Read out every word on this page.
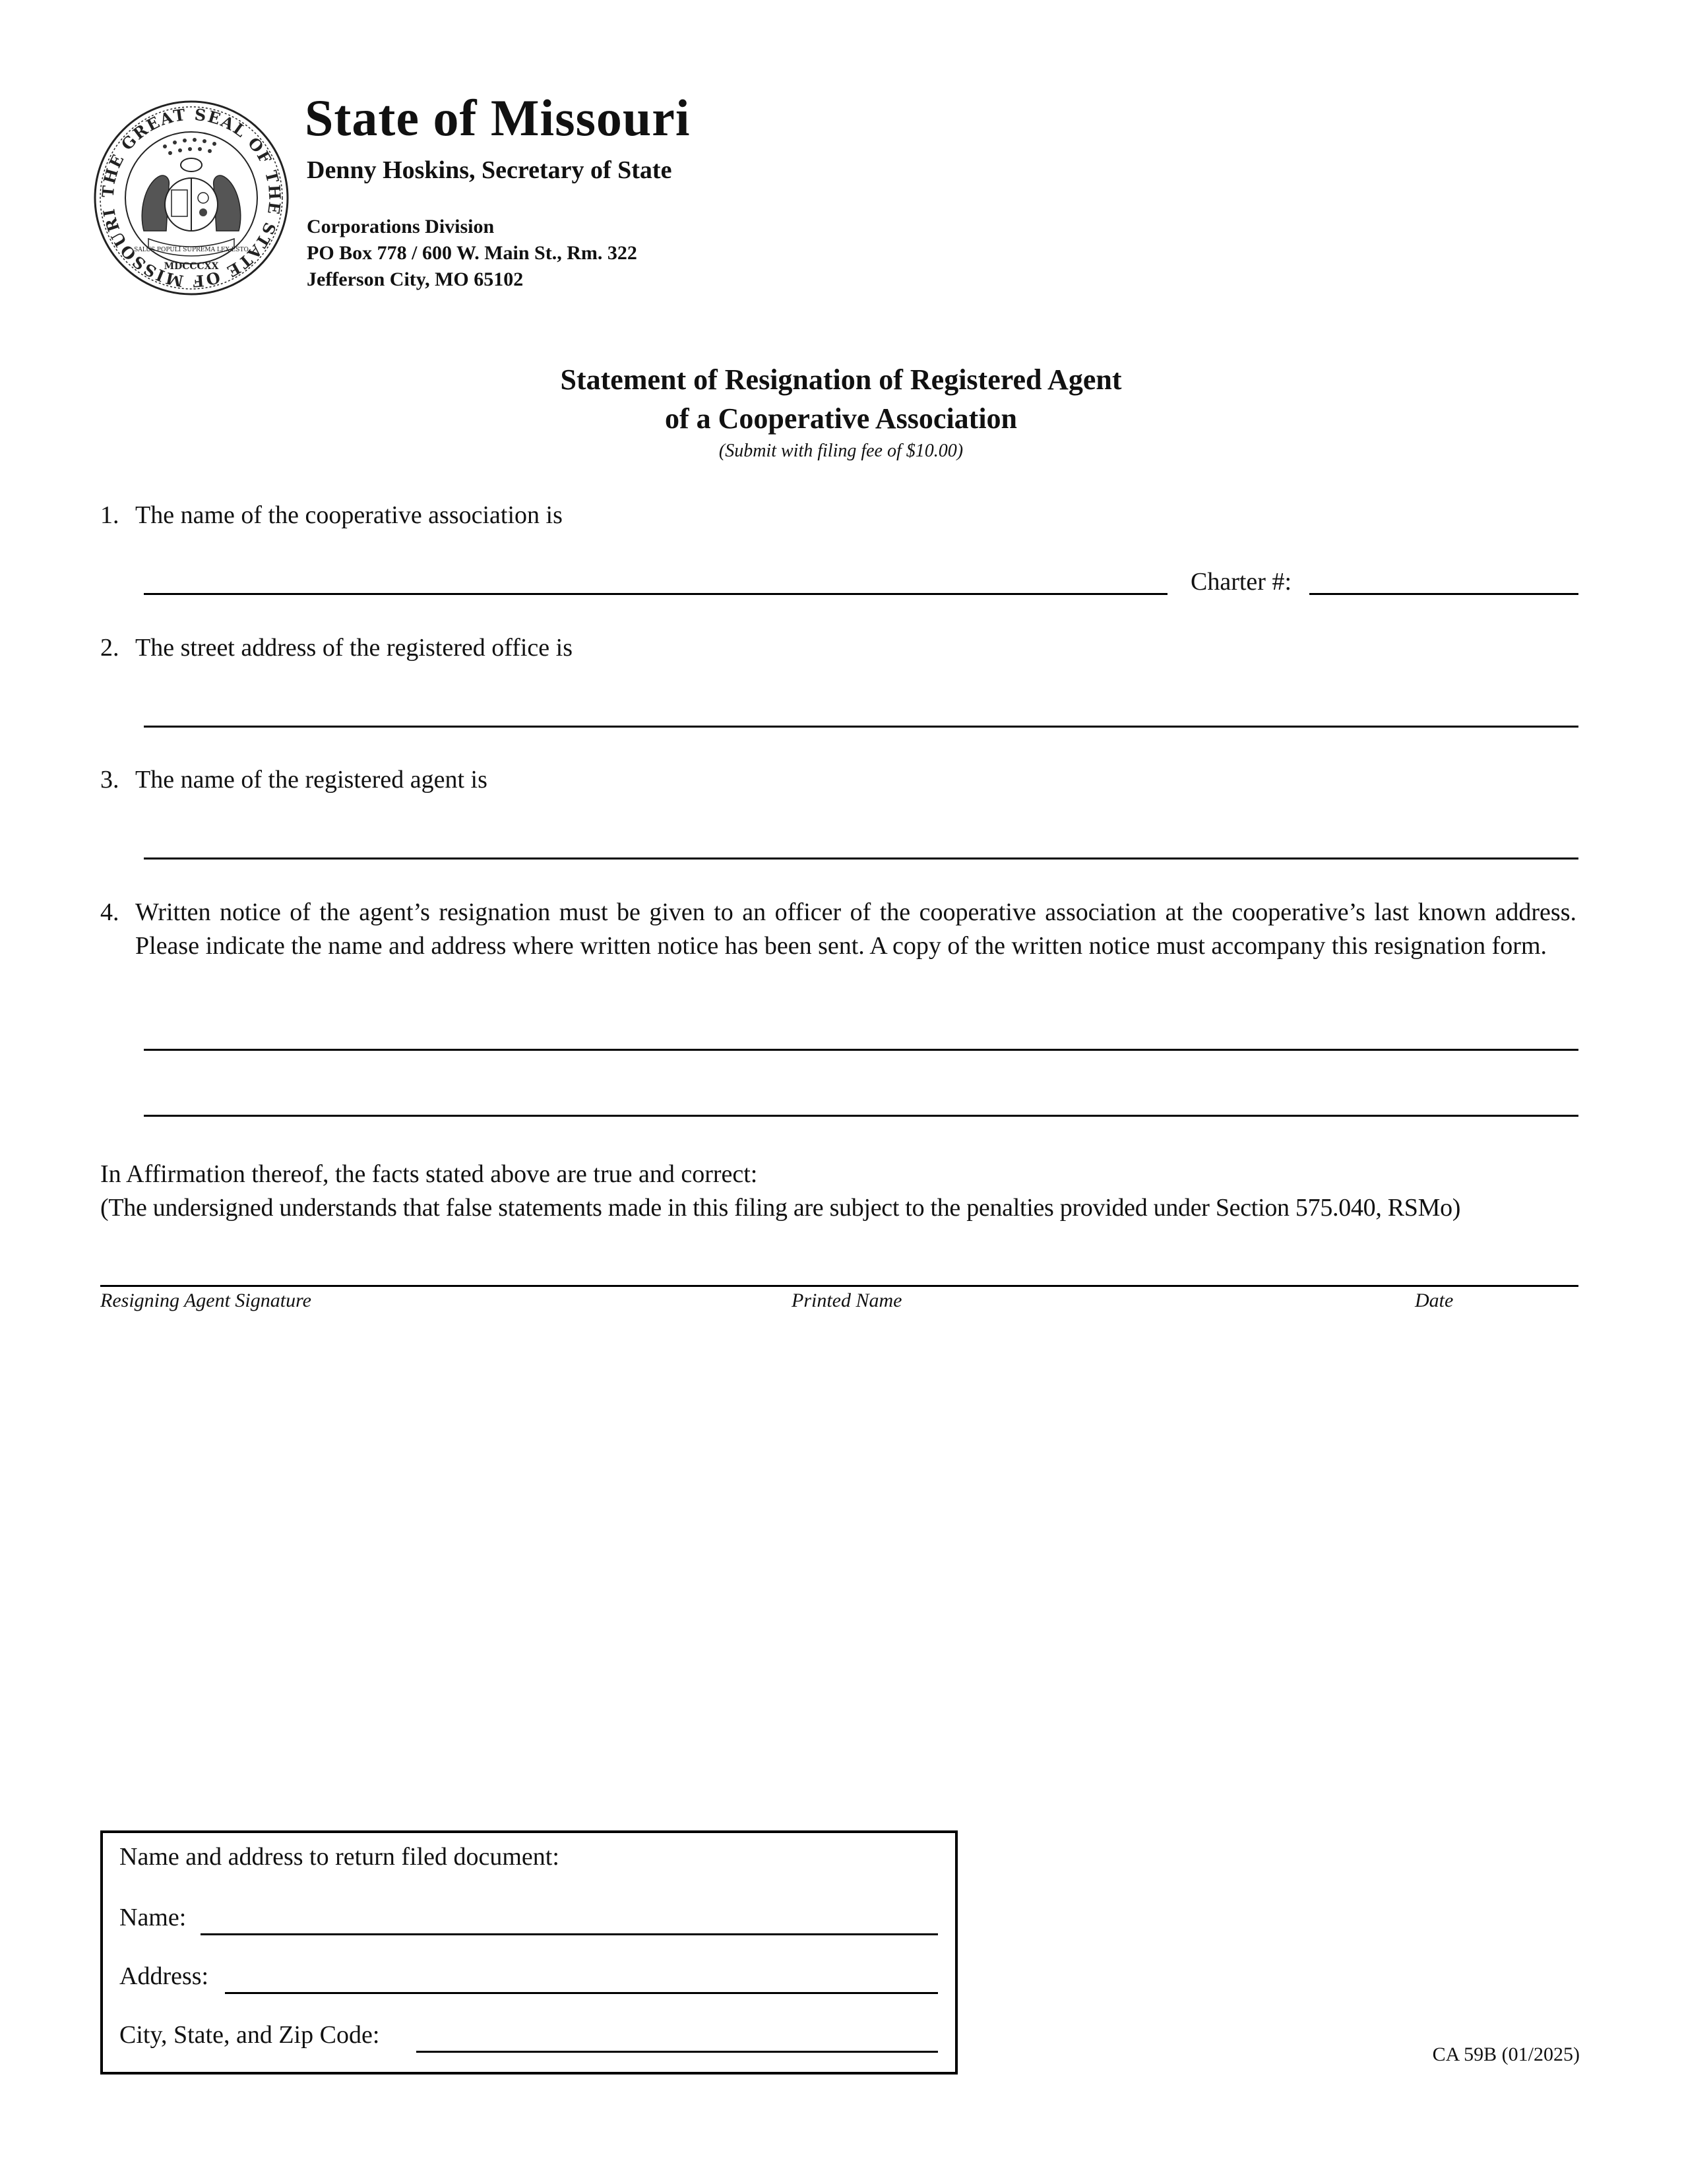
THE GREAT SEAL OF THE STATE OF MISSOURI
SALUS POPULI SUPREMA LEX ESTO
MDCCCXX
State of Missouri
Denny Hoskins, Secretary of State
Corporations Division
PO Box 778 / 600 W. Main St., Rm. 322
Jefferson City, MO 65102
Statement of Resignation of Registered Agent
of a Cooperative Association
(Submit with filing fee of $10.00)
1. The name of the cooperative association is
Charter #:
2. The street address of the registered office is
3. The name of the registered agent is
4. Written notice of the agent’s resignation must be given to an officer of the cooperative association at the cooperative’s last known address. Please indicate the name and address where written notice has been sent. A copy of the written notice must accompany this resignation form.
In Affirmation thereof, the facts stated above are true and correct:
(The undersigned understands that false statements made in this filing are subject to the penalties provided under Section 575.040, RSMo)
Resigning Agent Signature	Printed Name	Date
Name and address to return filed document:
Name:
Address:
City, State, and Zip Code:
CA 59B (01/2025)
